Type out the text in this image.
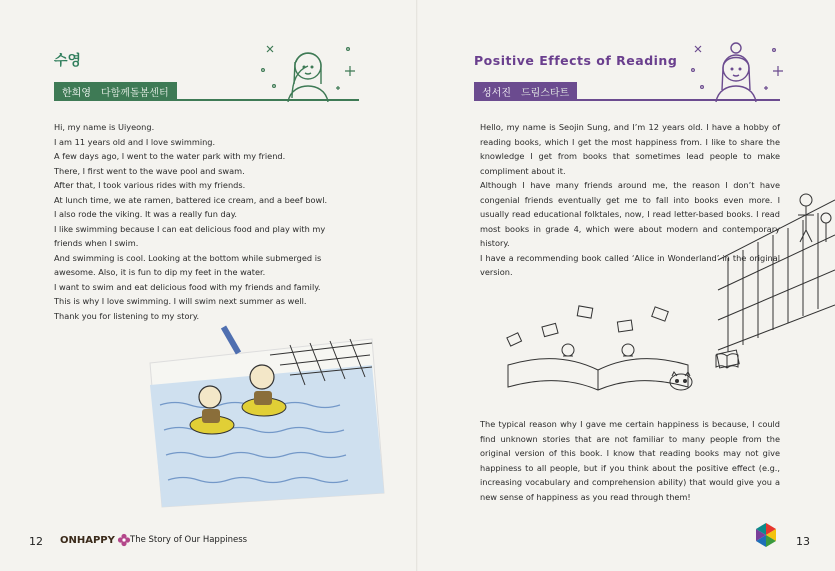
수영
한희영 다함께돌봄센터

Hi, my name is Uiyeong.

I am 11 years old and I love swimming.

A few days ago, I went to the water park with my friend.

There, I first went to the wave pool and swam.

After that, I took various rides with my friends.

At lunch time, we ate ramen, battered ice cream, and a beef bowl.

I also rode the viking. It was a really fun day.

I like swimming because I can eat delicious food and play with my friends when I swim.

And swimming is cool. Looking at the bottom while submerged is awesome. Also, it is fun to dip my feet in the water.

I want to swim and eat delicious food with my friends and family.

This is why I love swimming. I will swim next summer as well.

Thank you for listening to my story.

12 ONHAPPY The Story of Our Happiness
Positive Effects of Reading
성서진 드림스타트

Hello, my name is Seojin Sung, and I’m 12 years old. I have a hobby of reading books, which I get the most happiness from. I like to share the knowledge I get from books that sometimes lead people to make compliment about it.

Although I have many friends around me, the reason I don’t have congenial friends eventually get me to fall into books even more. I usually read educational folktales, now, I read letter-based books. I read most books in grade 4, which were about modern and contemporary history.

I have a recommending book called ‘Alice in Wonderland’ in the original version.

The typical reason why I gave me certain happiness is because, I could find unknown stories that are not familiar to many people from the original version of this book. I know that reading books may not give happiness to all people, but if you think about the positive effect (e.g., increasing vocabulary and comprehension ability) that would give you a new sense of happiness as you read through them!

13
